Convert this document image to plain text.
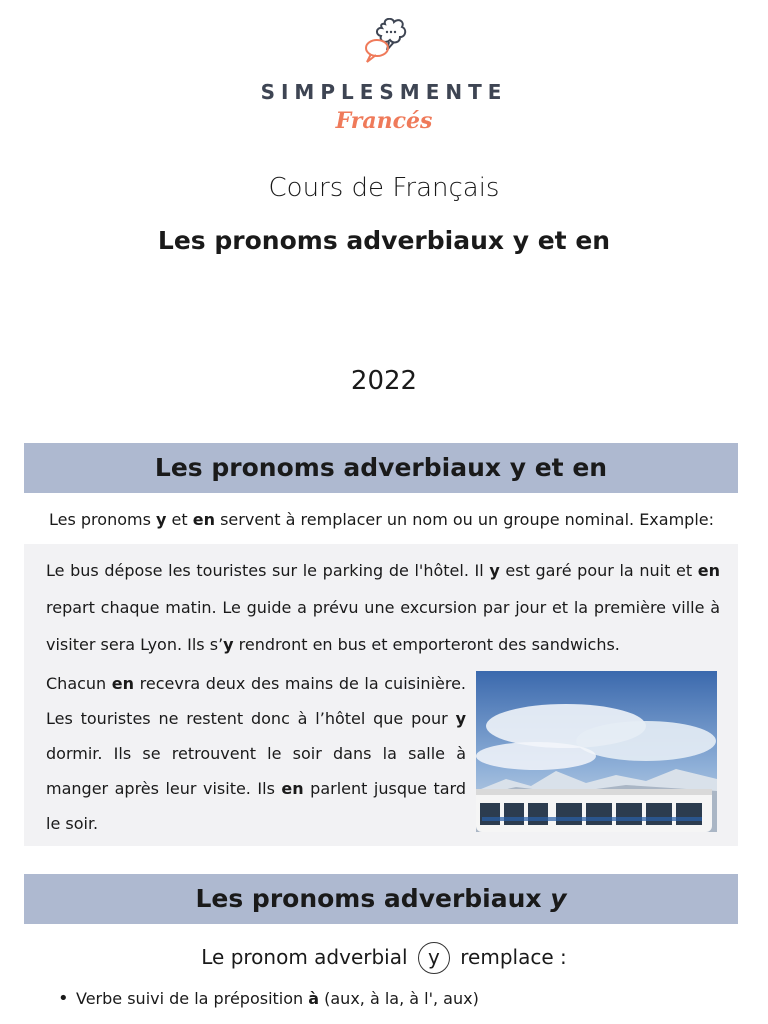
SIMPLESMENTE
Francés
Cours de Français
Les pronoms adverbiaux y et en
2022
Les pronoms adverbiaux y et en
Les pronoms y et en servent à remplacer un nom ou un groupe nominal. Example:
Le bus dépose les touristes sur le parking de l'hôtel. Il y est garé pour la nuit et en repart chaque matin. Le guide a prévu une excursion par jour et la première ville à visiter sera Lyon. Ils s’y rendront en bus et emporteront des sandwichs.
Chacun en recevra deux des mains de la cuisinière. Les touristes ne restent donc à l’hôtel que pour y dormir. Ils se retrouvent le soir dans la salle à manger après leur visite. Ils en parlent jusque tard le soir.
Les pronoms adverbiaux y
Le pronom adverbial y remplace :
• Verbe suivi de la préposition à (aux, à la, à l', aux)
